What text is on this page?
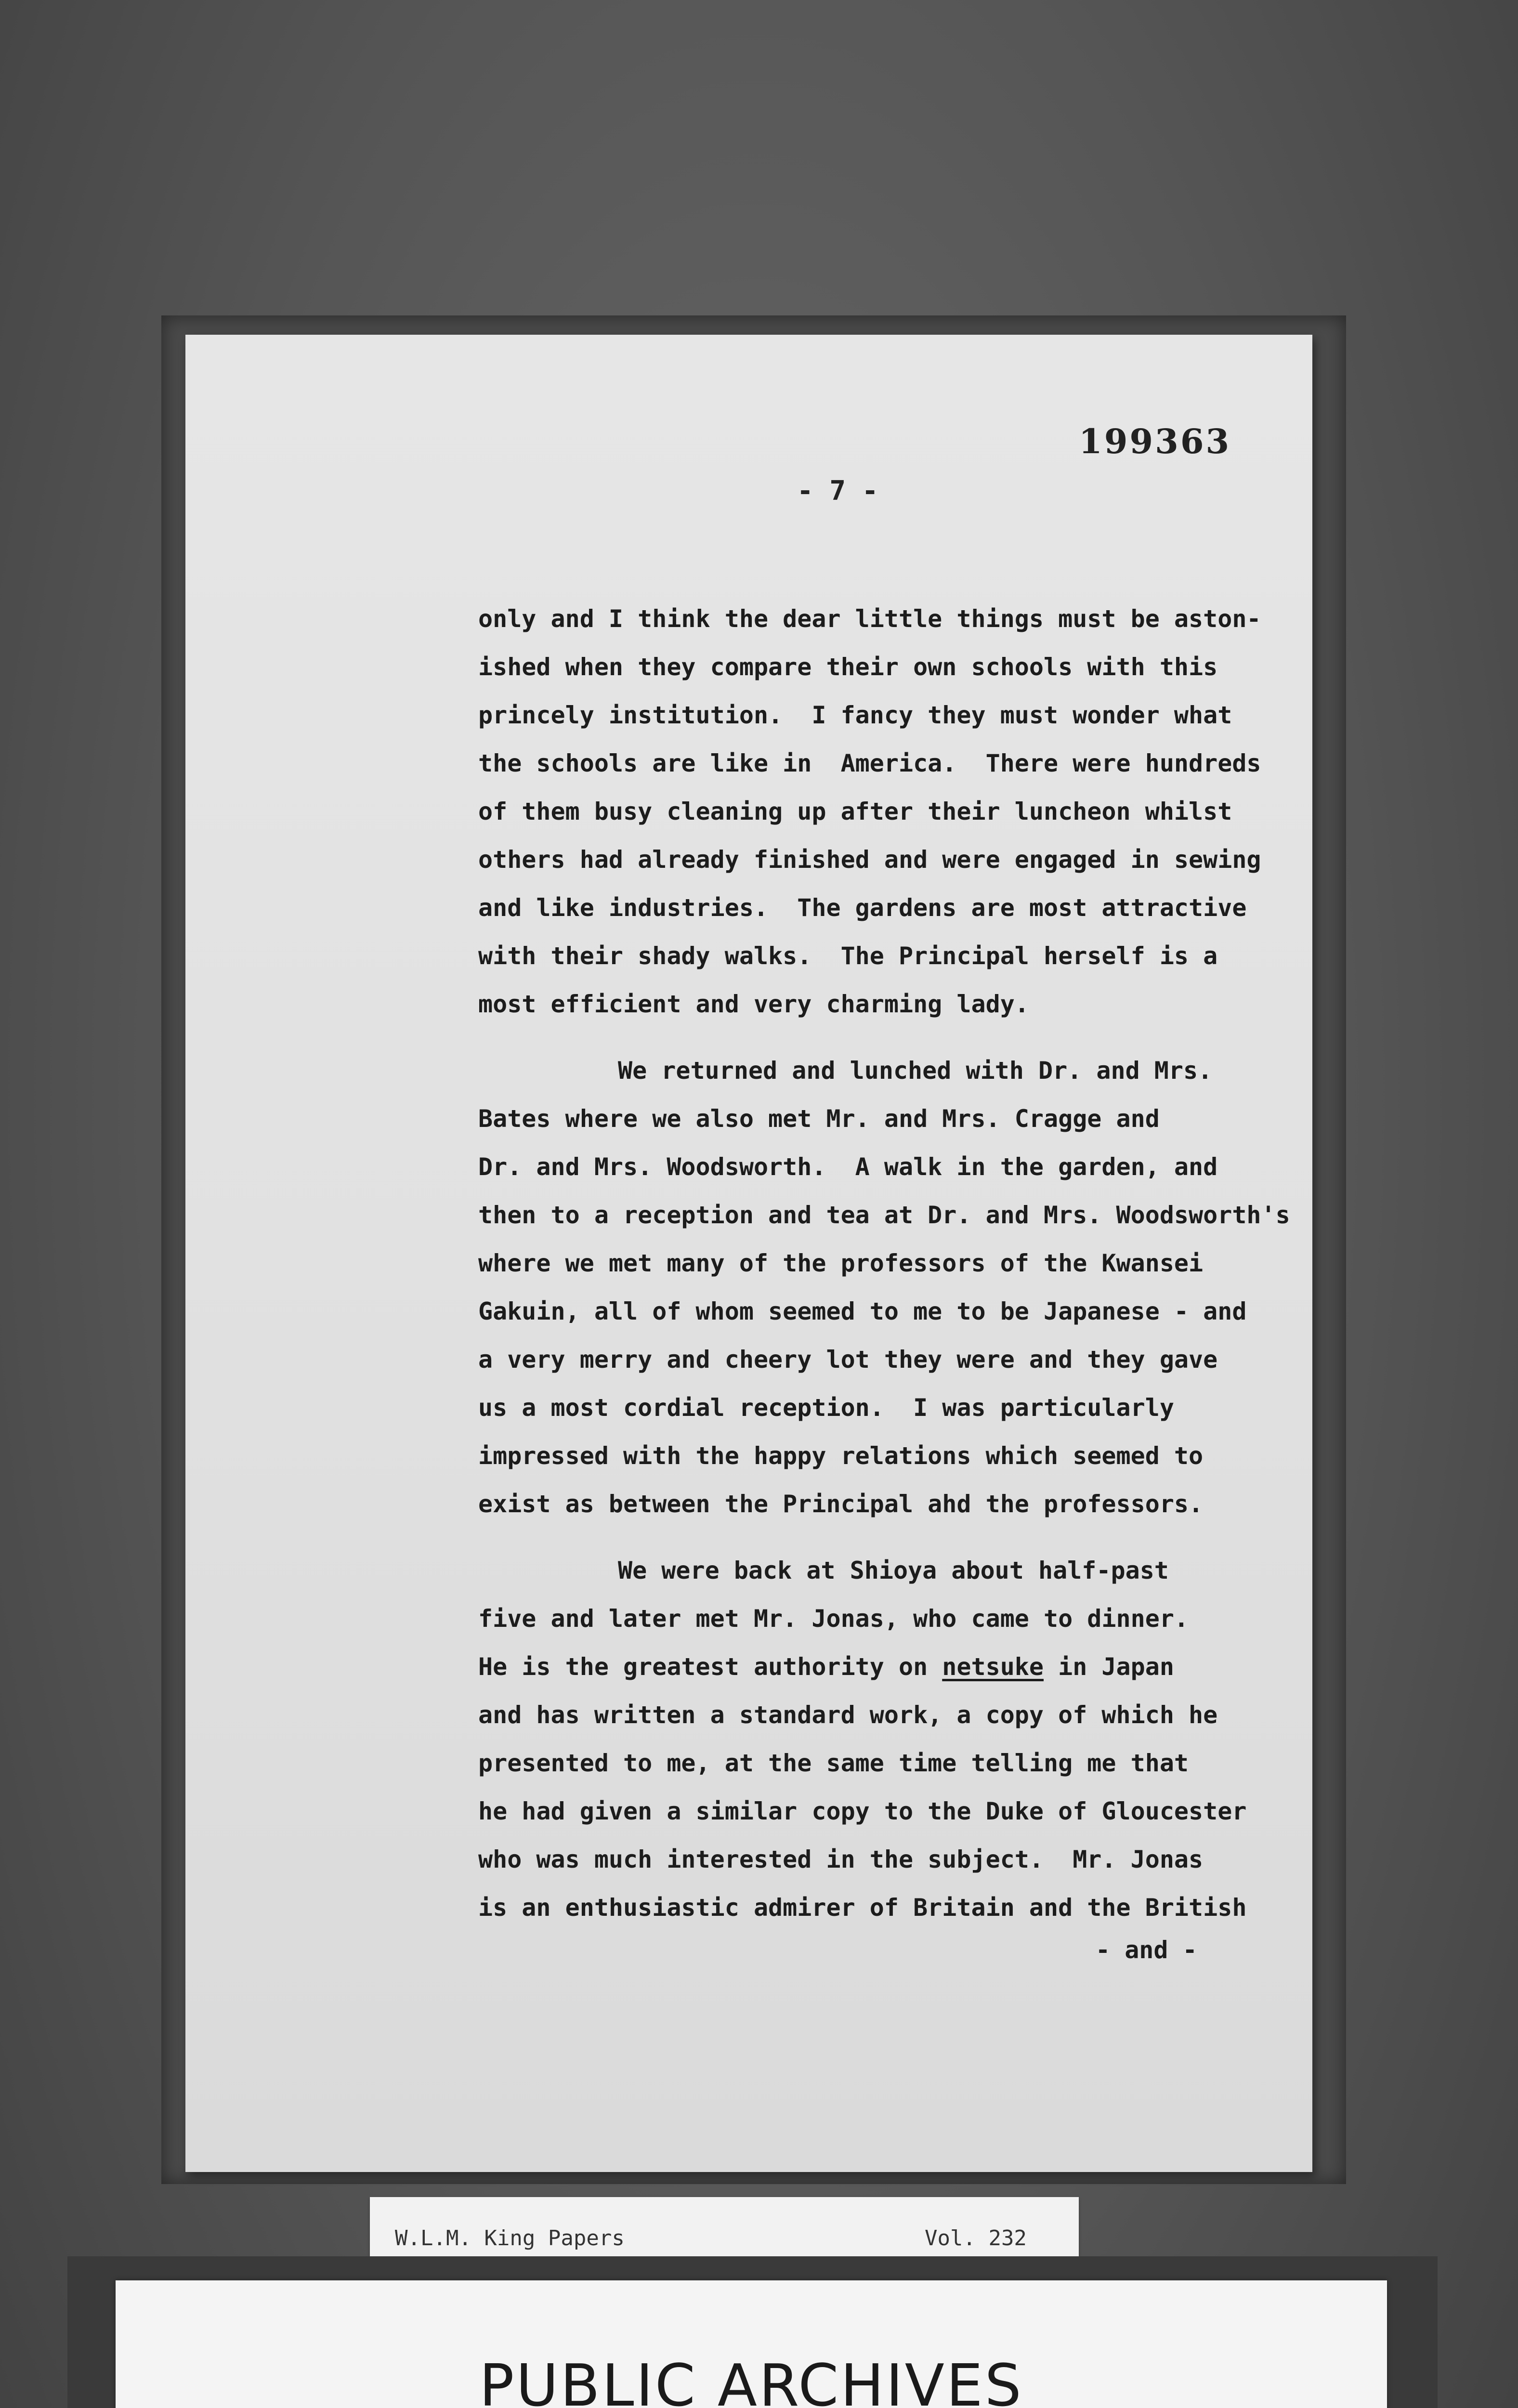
199363
- 7 -
only and I think the dear little things must be aston-
ished when they compare their own schools with this
princely institution.  I fancy they must wonder what
the schools are like in  America.  There were hundreds
of them busy cleaning up after their luncheon whilst
others had already finished and were engaged in sewing
and like industries.  The gardens are most attractive
with their shady walks.  The Principal herself is a
most efficient and very charming lady.
We returned and lunched with Dr. and Mrs.
Bates where we also met Mr. and Mrs. Cragge and
Dr. and Mrs. Woodsworth.  A walk in the garden, and
then to a reception and tea at Dr. and Mrs. Woodsworth's
where we met many of the professors of the Kwansei
Gakuin, all of whom seemed to me to be Japanese - and
a very merry and cheery lot they were and they gave
us a most cordial reception.  I was particularly
impressed with the happy relations which seemed to
exist as between the Principal ahd the professors.
We were back at Shioya about half-past
five and later met Mr. Jonas, who came to dinner.
He is the greatest authority on netsuke in Japan
and has written a standard work, a copy of which he
presented to me, at the same time telling me that
he had given a similar copy to the Duke of Gloucester
who was much interested in the subject.  Mr. Jonas
is an enthusiastic admirer of Britain and the British
- and -
W.L.M. King Papers	Vol. 232
PUBLIC ARCHIVES
